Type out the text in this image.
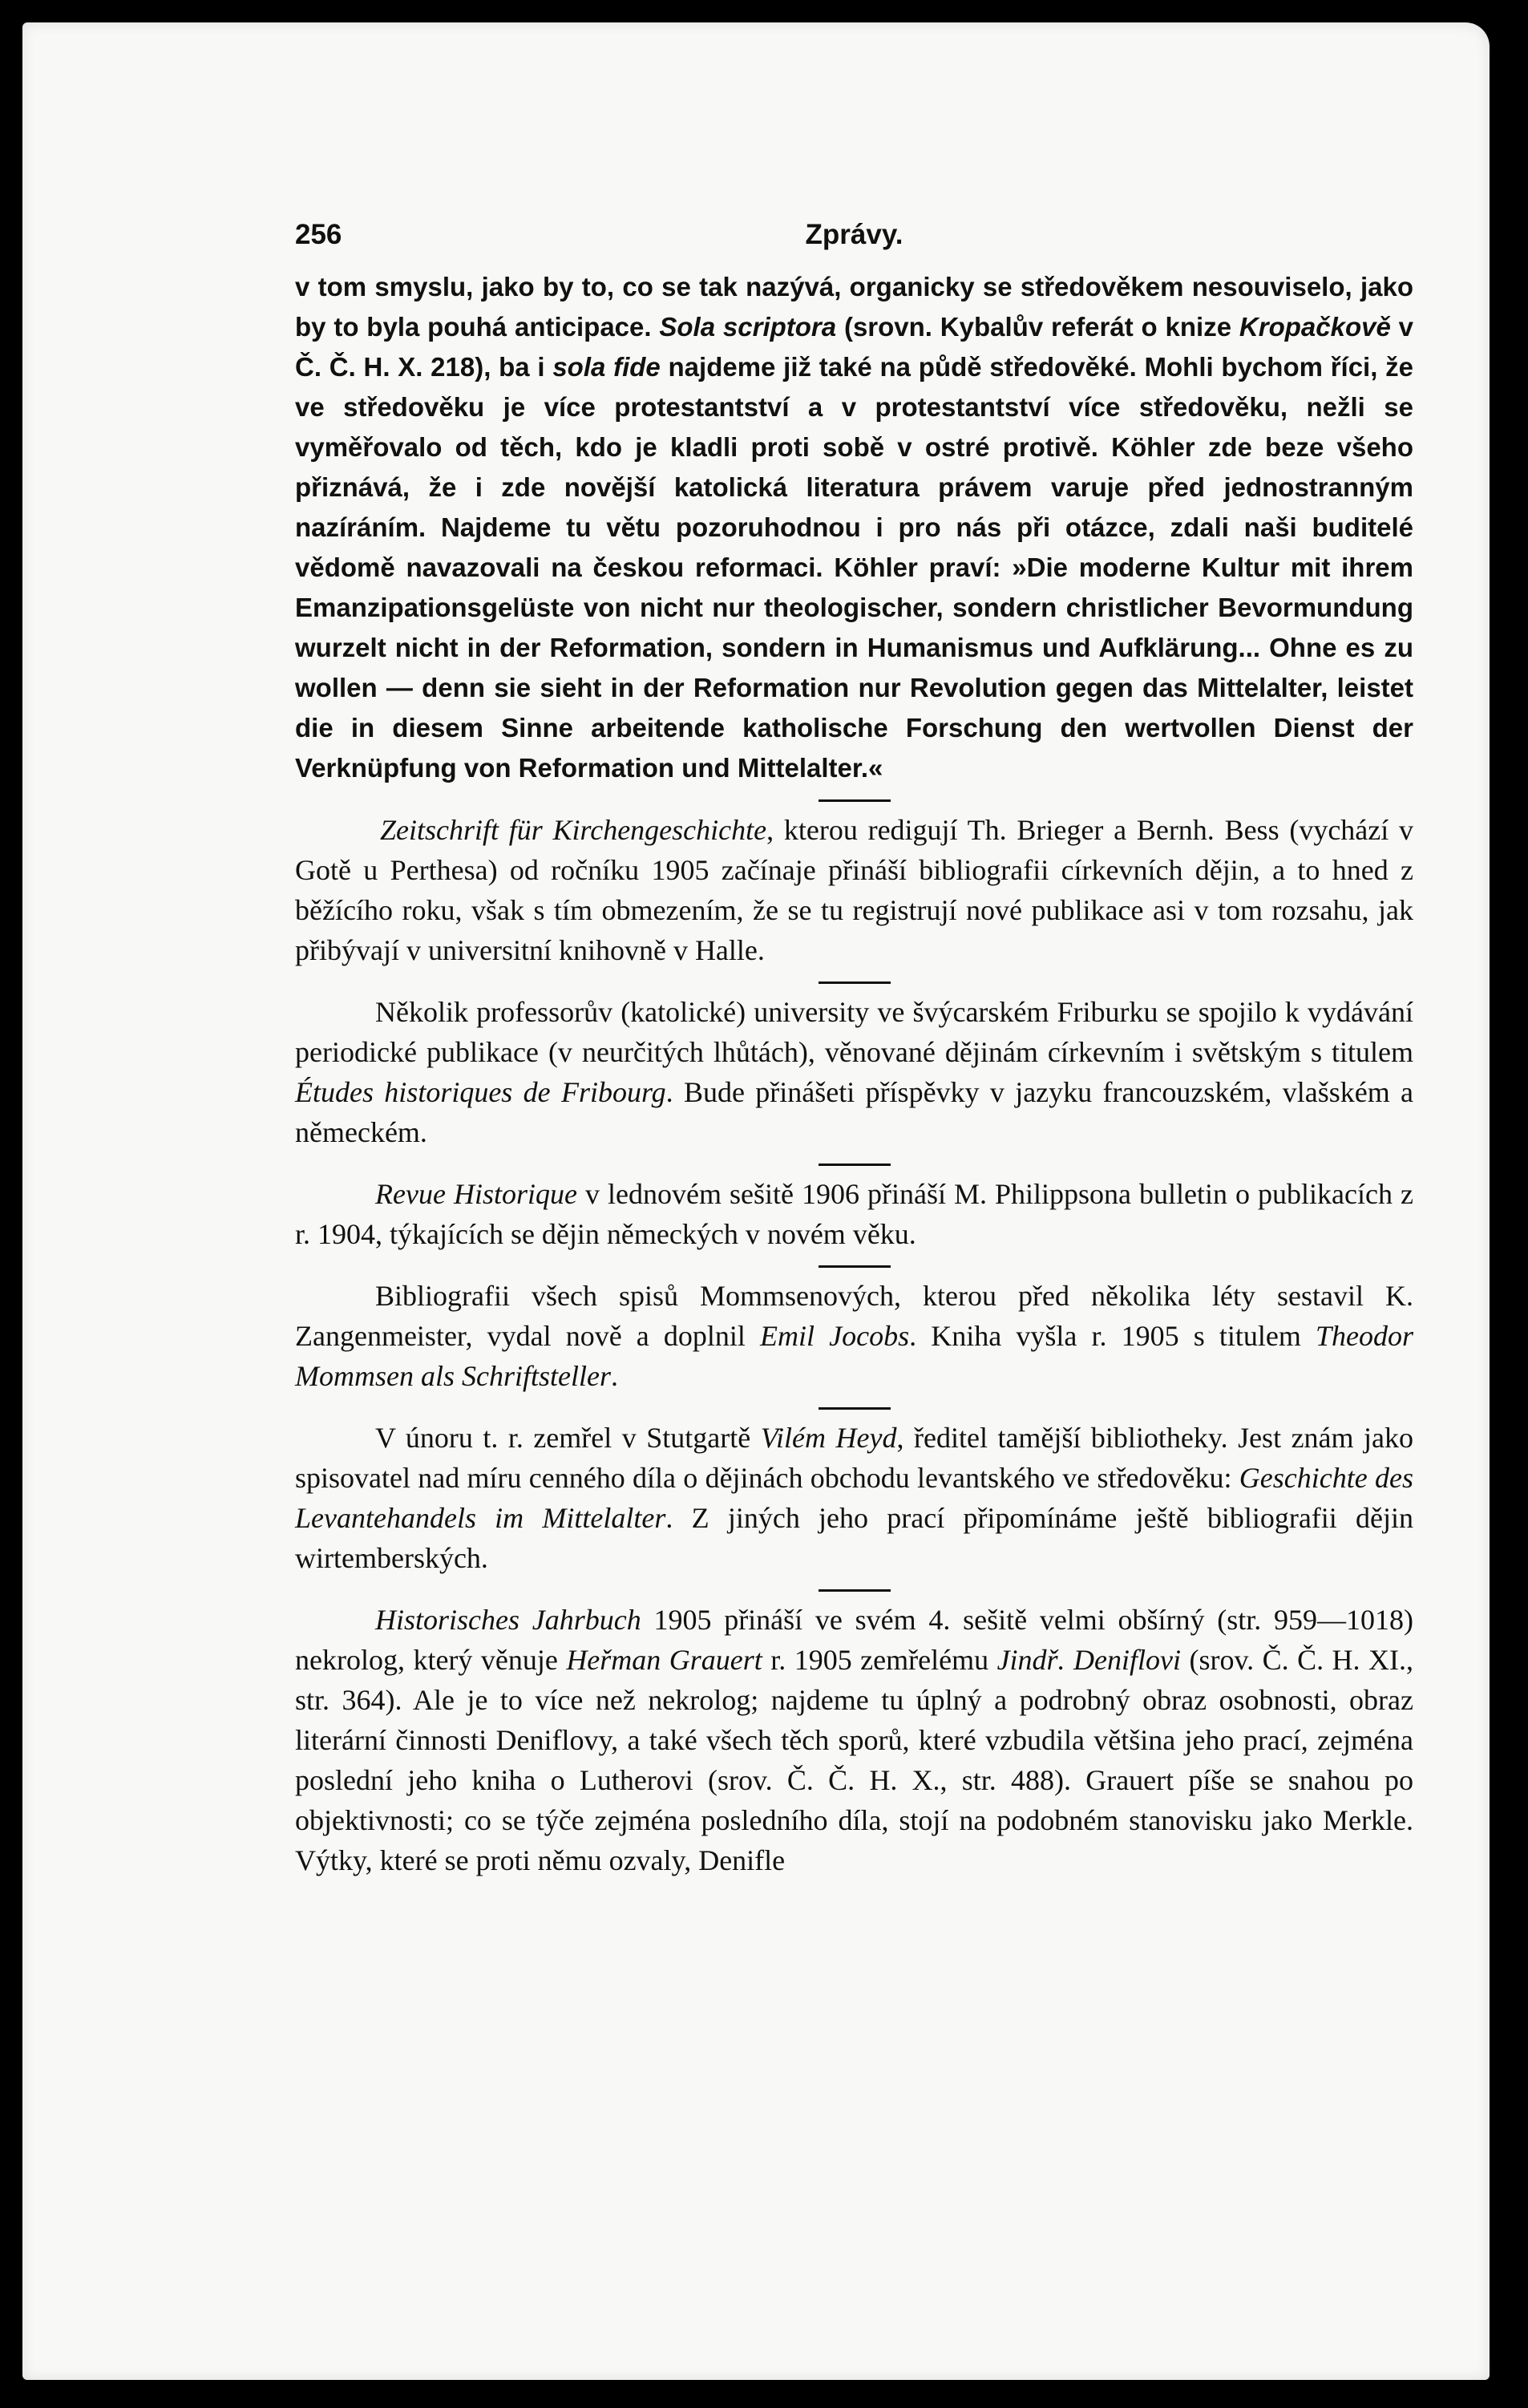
256	Zprávy.

v tom smyslu, jako by to, co se tak nazývá, organicky se středověkem nesouviselo, jako by to byla pouhá anticipace. Sola scriptora (srovn. Kybalův referát o knize Kropačkově v Č. Č. H. X. 218), ba i sola fide najdeme již také na půdě středověké. Mohli bychom říci, že ve středověku je více protestantství a v protestantství více středověku, nežli se vyměřovalo od těch, kdo je kladli proti sobě v ostré protivě. Köhler zde beze všeho přiznává, že i zde novější katolická literatura právem varuje před jednostranným nazíráním. Najdeme tu větu pozoruhodnou i pro nás při otázce, zdali naši buditelé vědomě navazovali na českou reformaci. Köhler praví: »Die moderne Kultur mit ihrem Emanzipationsgelüste von nicht nur theologischer, sondern christlicher Bevormundung wurzelt nicht in der Reformation, sondern in Humanismus und Aufklärung... Ohne es zu wollen — denn sie sieht in der Reformation nur Revolution gegen das Mittelalter, leistet die in diesem Sinne arbeitende katholische Forschung den wertvollen Dienst der Verknüpfung von Reformation und Mittelalter.«

Zeitschrift für Kirchengeschichte, kterou redigují Th. Brieger a Bernh. Bess (vychází v Gotě u Perthesa) od ročníku 1905 začínaje přináší bibliografii církevních dějin, a to hned z běžícího roku, však s tím obmezením, že se tu registrují nové publikace asi v tom rozsahu, jak přibývají v universitní knihovně v Halle.

Několik professorův (katolické) university ve švýcarském Friburku se spojilo k vydávání periodické publikace (v neurčitých lhůtách), věnované dějinám církevním i světským s titulem Études historiques de Fribourg. Bude přinášeti příspěvky v jazyku francouzském, vlašském a německém.

Revue Historique v lednovém sešitě 1906 přináší M. Philippsona bulletin o publikacích z r. 1904, týkajících se dějin německých v novém věku.

Bibliografii všech spisů Mommsenových, kterou před několika léty sestavil K. Zangenmeister, vydal nově a doplnil Emil Jocobs. Kniha vyšla r. 1905 s titulem Theodor Mommsen als Schriftsteller.

V únoru t. r. zemřel v Stutgartě Vilém Heyd, ředitel tamější bibliotheky. Jest znám jako spisovatel nad míru cenného díla o dějinách obchodu levantského ve středověku: Geschichte des Levantehandels im Mittelalter. Z jiných jeho prací připomínáme ještě bibliografii dějin wirtemberských.

Historisches Jahrbuch 1905 přináší ve svém 4. sešitě velmi obšírný (str. 959—1018) nekrolog, který věnuje Heřman Grauert r. 1905 zemřelému Jindř. Deniflovi (srov. Č. Č. H. XI., str. 364). Ale je to více než nekrolog; najdeme tu úplný a podrobný obraz osobnosti, obraz literární činnosti Deniflovy, a také všech těch sporů, které vzbudila většina jeho prací, zejména poslední jeho kniha o Lutherovi (srov. Č. Č. H. X., str. 488). Grauert píše se snahou po objektivnosti; co se týče zejména posledního díla, stojí na podobném stanovisku jako Merkle. Výtky, které se proti němu ozvaly, Denifle
